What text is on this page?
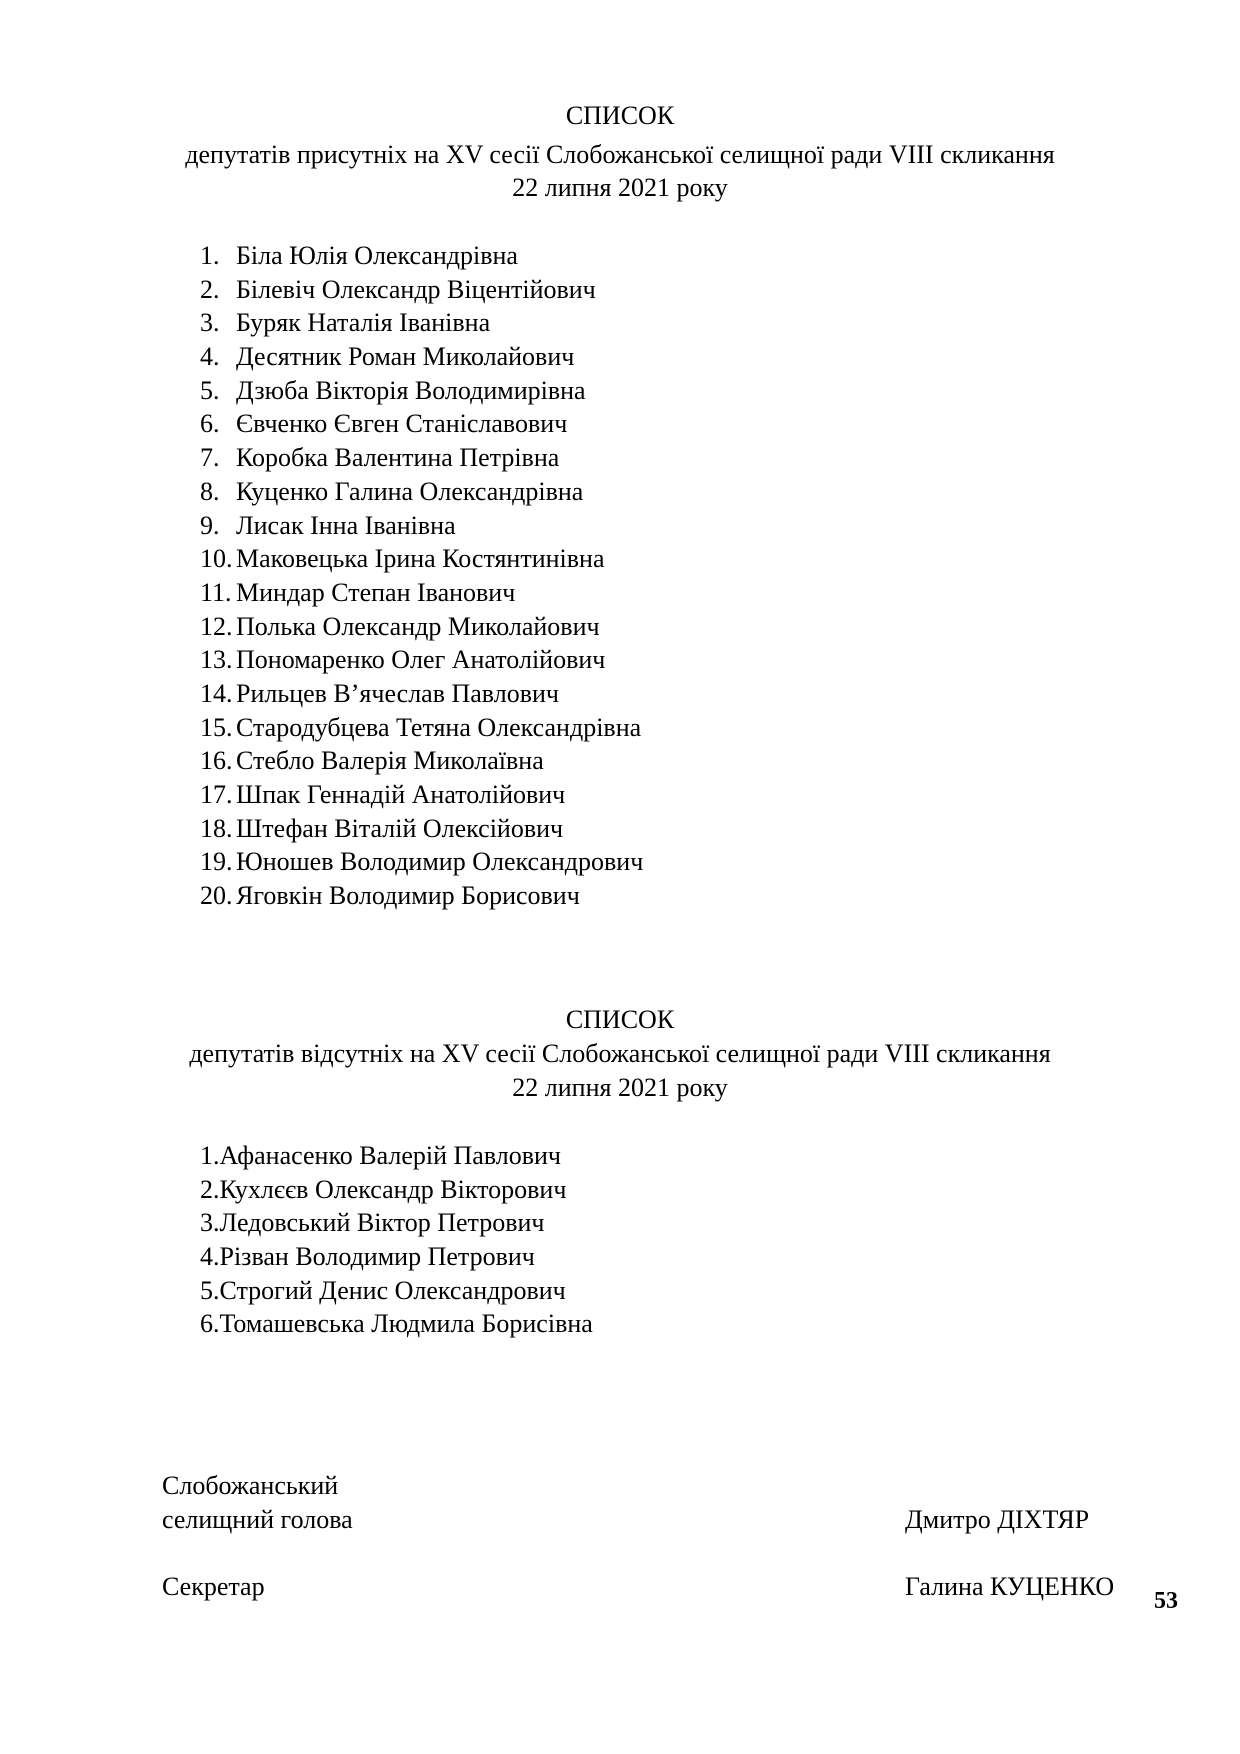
СПИСОК
депутатів присутніх на XV сесії Слобожанської селищної ради VIII скликання
22 липня 2021 року
1. Біла Юлія Олександрівна
2. Білевіч Олександр Віцентійович
3. Буряк Наталія Іванівна
4. Десятник Роман Миколайович
5. Дзюба Вікторія Володимирівна
6. Євченко Євген Станіславович
7. Коробка Валентина Петрівна
8. Куценко Галина Олександрівна
9. Лисак Інна Іванівна
10. Маковецька Ірина Костянтинівна
11. Миндар Степан Іванович
12. Полька Олександр Миколайович
13. Пономаренко Олег Анатолійович
14. Рильцев В’ячеслав Павлович
15. Стародубцева Тетяна Олександрівна
16. Стебло Валерія Миколаївна
17. Шпак Геннадій Анатолійович
18. Штефан Віталій Олексійович
19. Юноше​в Володимир Олександрович
20. Яговкін Володимир Борисович
СПИСОК
депутатів відсутніх на XV сесії Слобожанської селищної ради VIII скликання
22 липня 2021 року
1. Афанасенко Валерій Павлович
2. Кухлєєв Олександр Вікторович
3. Ледовський Віктор Петрович
4. Різван Володимир Петрович
5. Строгий Денис Олександрович
6. Томашевська Людмила Борисівна
Слобожанський
селищний голова	Дмитро ДІХТЯР
Секретар	Галина КУЦЕНКО 53
